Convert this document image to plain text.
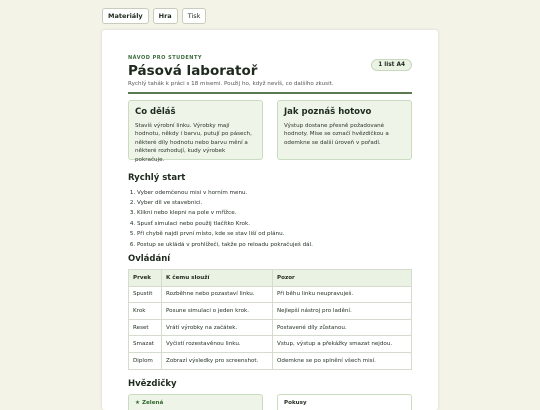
Materiály	Hra	Tisk
NÁVOD PRO STUDENTY
Pásová laboratoř
Rychlý tahák k práci s 18 misemi. Použij ho, když nevíš, co dalšího zkusit.
1 list A4
Co děláš

Stavíš výrobní linku. Výrobky mají hodnotu, někdy i barvu, putují po pásech, některé díly hodnotu nebo barvu mění a některé rozhodují, kudy výrobek pokračuje.

Jak poznáš hotovo

Výstup dostane přesně požadované hodnoty. Mise se označí hvězdičkou a odemkne se další úroveň v pořadí.

Rychlý start
1. Vyber odemčenou misi v horním menu.
2. Vyber díl ve stavebnici.
3. Klikni nebo klepni na pole v mřížce.
4. Spusť simulaci nebo použij tlačítko Krok.
5. Při chybě najdi první místo, kde se stav liší od plánu.
6. Postup se ukládá v prohlížeči, takže po reloadu pokračuješ dál.
Ovládání
Prvek	K čemu slouží	Pozor
Spustit	Rozběhne nebo pozastaví linku.	Při běhu linku neupravuješ.
Krok	Posune simulaci o jeden krok.	Nejlepší nástroj pro ladění.
Reset	Vrátí výrobky na začátek.	Postavené díly zůstanou.
Smazat	Vyčistí rozestavěnou linku.	Vstup, výstup a překážky smazat nejdou.
Diplom	Zobrazí výsledky pro screenshot.	Odemkne se po splnění všech misí.
Hvězdičky
★ Zelená	Pokusy
